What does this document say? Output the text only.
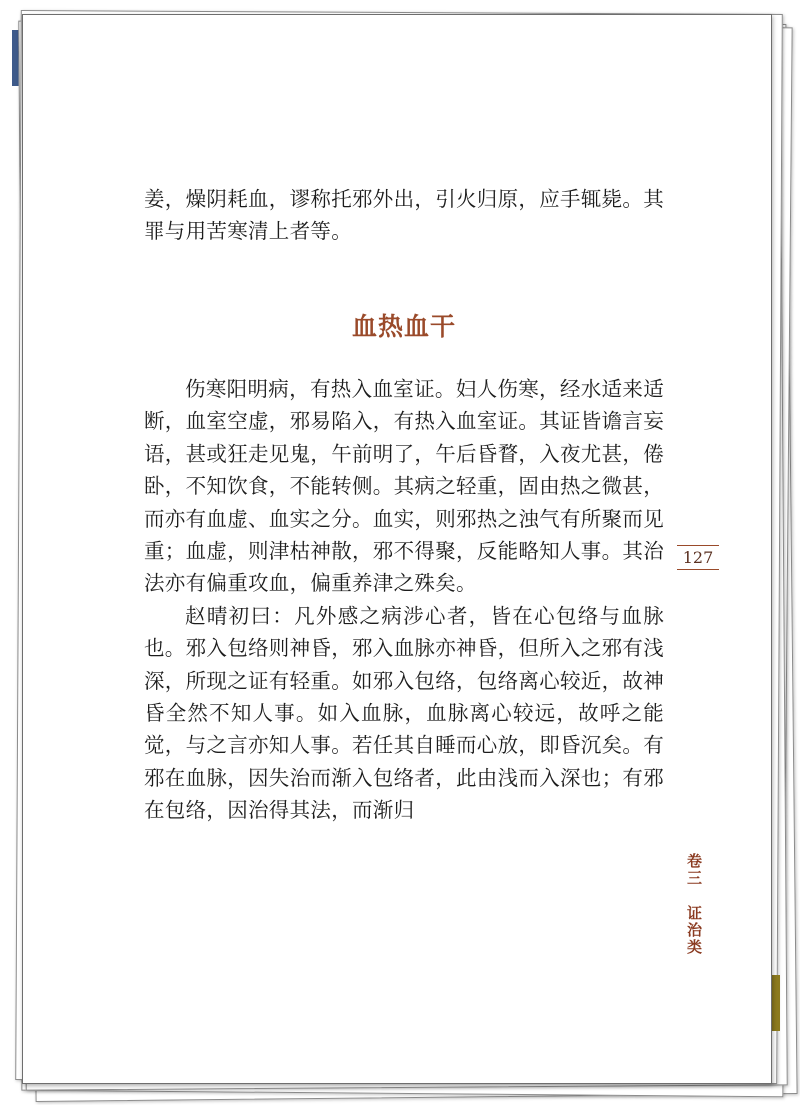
姜，燥阴耗血，谬称托邪外出，引火归原，应手辄毙。其罪与用苦寒清上者等。

血热血干

伤寒阳明病，有热入血室证。妇人伤寒，经水适来适断，血室空虚，邪易陷入，有热入血室证。其证皆谵言妄语，甚或狂走见鬼，午前明了，午后昏瞀，入夜尤甚，倦卧，不知饮食，不能转侧。其病之轻重，固由热之微甚，而亦有血虚、血实之分。血实，则邪热之浊气有所聚而见重；血虚，则津枯神散，邪不得聚，反能略知人事。其治法亦有偏重攻血，偏重养津之殊矣。

赵晴初曰：凡外感之病涉心者，皆在心包络与血脉也。邪入包络则神昏，邪入血脉亦神昏，但所入之邪有浅深，所现之证有轻重。如邪入包络，包络离心较近，故神昏全然不知人事。如入血脉，血脉离心较远，故呼之能觉，与之言亦知人事。若任其自睡而心放，即昏沉矣。有邪在血脉，因失治而渐入包络者，此由浅而入深也；有邪在包络，因治得其法，而渐归

127
卷
三
证
治
类
